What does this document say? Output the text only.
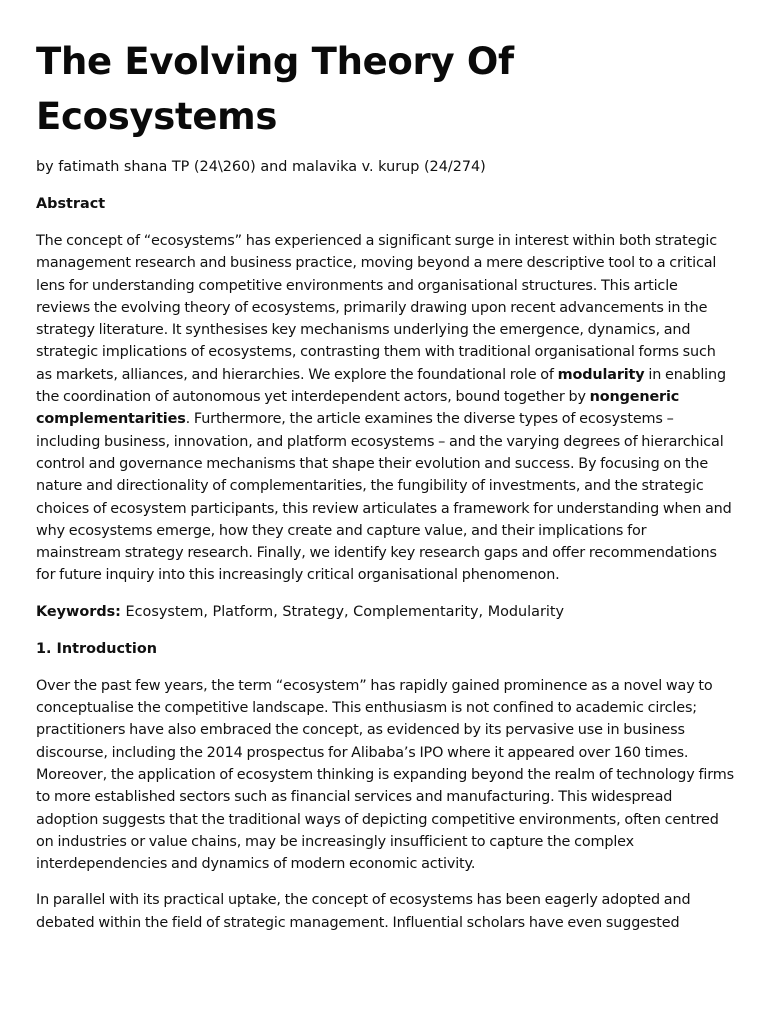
The Evolving Theory Of
Ecosystems
by fatimath shana TP (24\260) and malavika v. kurup (24/274)
Abstract

The concept of “ecosystems” has experienced a significant surge in interest within both strategic management research and business practice, moving beyond a mere descriptive tool to a critical lens for understanding competitive environments and organisational structures. This article reviews the evolving theory of ecosystems, primarily drawing upon recent advancements in the strategy literature. It synthesises key mechanisms underlying the emergence, dynamics, and strategic implications of ecosystems, contrasting them with traditional organisational forms such as markets, alliances, and hierarchies. We explore the foundational role of modularity in enabling the coordination of autonomous yet interdependent actors, bound together by nongeneric complementarities. Furthermore, the article examines the diverse types of ecosystems – including business, innovation, and platform ecosystems – and the varying degrees of hierarchical control and governance mechanisms that shape their evolution and success. By focusing on the nature and directionality of complementarities, the fungibility of investments, and the strategic choices of ecosystem participants, this review articulates a framework for understanding when and why ecosystems emerge, how they create and capture value, and their implications for mainstream strategy research. Finally, we identify key research gaps and offer recommendations for future inquiry into this increasingly critical organisational phenomenon.

Keywords: Ecosystem, Platform, Strategy, Complementarity, Modularity
1. Introduction

Over the past few years, the term “ecosystem” has rapidly gained prominence as a novel way to conceptualise the competitive landscape. This enthusiasm is not confined to academic circles; practitioners have also embraced the concept, as evidenced by its pervasive use in business discourse, including the 2014 prospectus for Alibaba’s IPO where it appeared over 160 times. Moreover, the application of ecosystem thinking is expanding beyond the realm of technology firms to more established sectors such as financial services and manufacturing. This widespread adoption suggests that the traditional ways of depicting competitive environments, often centred on industries or value chains, may be increasingly insufficient to capture the complex interdependencies and dynamics of modern economic activity.

In parallel with its practical uptake, the concept of ecosystems has been eagerly adopted and debated within the field of strategic management. Influential scholars have even suggested
